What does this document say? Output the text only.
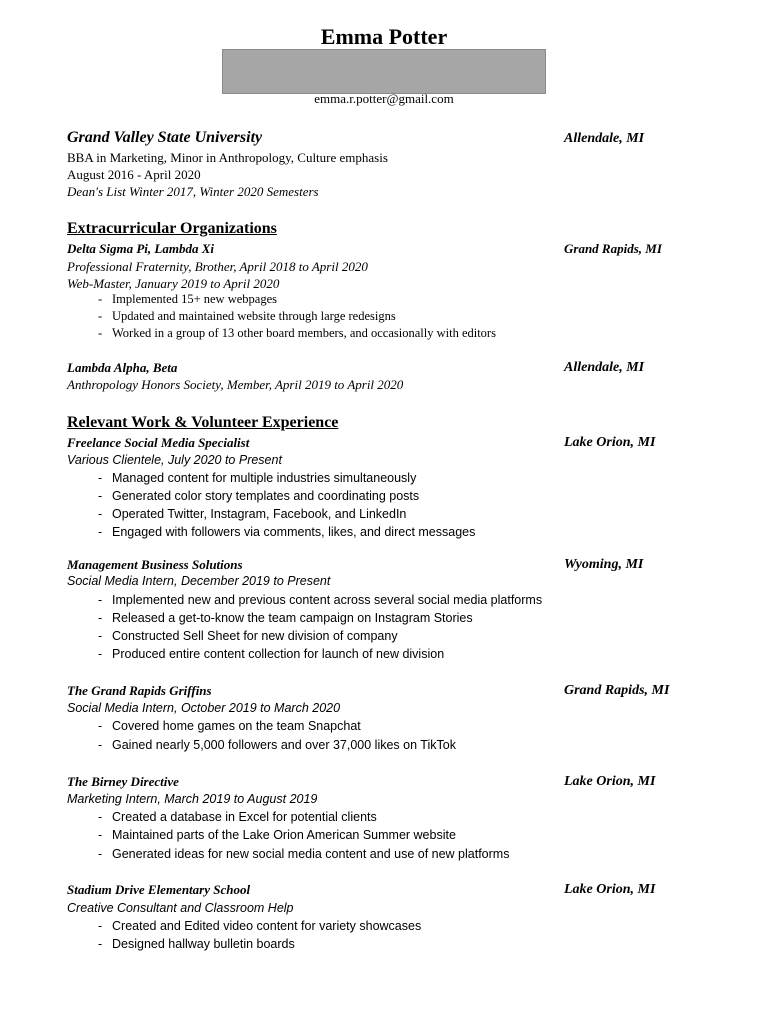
Emma Potter
emma.r.potter@gmail.com
Grand Valley State University	Allendale, MI
BBA in Marketing, Minor in Anthropology, Culture emphasis
August 2016 - April 2020
Dean's List Winter 2017, Winter 2020 Semesters
Extracurricular Organizations
Delta Sigma Pi, Lambda Xi	Grand Rapids, MI
Professional Fraternity, Brother, April 2018 to April 2020
Web-Master, January 2019 to April 2020
- Implemented 15+ new webpages
- Updated and maintained website through large redesigns
- Worked in a group of 13 other board members, and occasionally with editors
Lambda Alpha, Beta	Allendale, MI
Anthropology Honors Society, Member, April 2019 to April 2020
Relevant Work & Volunteer Experience
Freelance Social Media Specialist	Lake Orion, MI
Various Clientele, July 2020 to Present
- Managed content for multiple industries simultaneously
- Generated color story templates and coordinating posts
- Operated Twitter, Instagram, Facebook, and LinkedIn
- Engaged with followers via comments, likes, and direct messages
Management Business Solutions	Wyoming, MI
Social Media Intern, December 2019 to Present
- Implemented new and previous content across several social media platforms
- Released a get-to-know the team campaign on Instagram Stories
- Constructed Sell Sheet for new division of company
- Produced entire content collection for launch of new division
The Grand Rapids Griffins	Grand Rapids, MI
Social Media Intern, October 2019 to March 2020
- Covered home games on the team Snapchat
- Gained nearly 5,000 followers and over 37,000 likes on TikTok
The Birney Directive	Lake Orion, MI
Marketing Intern, March 2019 to August 2019
- Created a database in Excel for potential clients
- Maintained parts of the Lake Orion American Summer website
- Generated ideas for new social media content and use of new platforms
Stadium Drive Elementary School	Lake Orion, MI
Creative Consultant and Classroom Help
- Created and Edited video content for variety showcases
- Designed hallway bulletin boards
